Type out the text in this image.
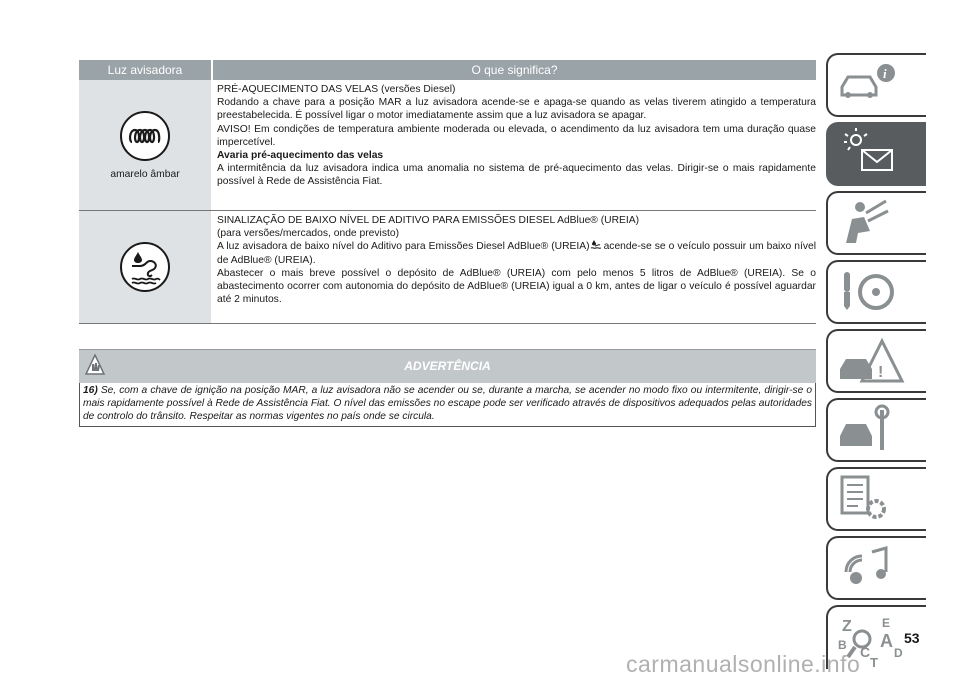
Luz avisadora	O que significa?
amarelo âmbar

PRÉ-AQUECIMENTO DAS VELAS (versões Diesel)

Rodando a chave para a posição MAR a luz avisadora acende-se e apaga-se quando as velas tiverem atingido a temperatura preestabelecida. É possível ligar o motor imediatamente assim que a luz avisadora se apagar.

AVISO! Em condições de temperatura ambiente moderada ou elevada, o acendimento da luz avisadora tem uma duração quase impercetível.

Avaria pré-aquecimento das velas

A intermitência da luz avisadora indica uma anomalia no sistema de pré-aquecimento das velas. Dirigir-se o mais rapidamente possível à Rede de Assistência Fiat.

SINALIZAÇÃO DE BAIXO NÍVEL DE ADITIVO PARA EMISSÕES DIESEL AdBlue® (UREIA)

(para versões/mercados, onde previsto)

A luz avisadora de baixo nível do Aditivo para Emissões Diesel AdBlue® (UREIA) acende-se se o veículo possuir um baixo nível de AdBlue® (UREIA).

Abastecer o mais breve possível o depósito de AdBlue® (UREIA) com pelo menos 5 litros de AdBlue® (UREIA). Se o abastecimento ocorrer com autonomia do depósito de AdBlue® (UREIA) igual a 0 km, antes de ligar o veículo é possível aguardar até 2 minutos.

ADVERTÊNCIA
16) Se, com a chave de ignição na posição MAR, a luz avisadora não se acender ou se, durante a marcha, se acender no modo fixo ou intermitente, dirigir-se o mais rapidamente possível à Rede de Assistência Fiat. O nível das emissões no escape pode ser verificado através de dispositivos adequados pelas autoridades de controlo do trânsito. Respeitar as normas vigentes no país onde se circula.
i
!
Z	E
A
B C
T
D
53
carmanualsonline.info
